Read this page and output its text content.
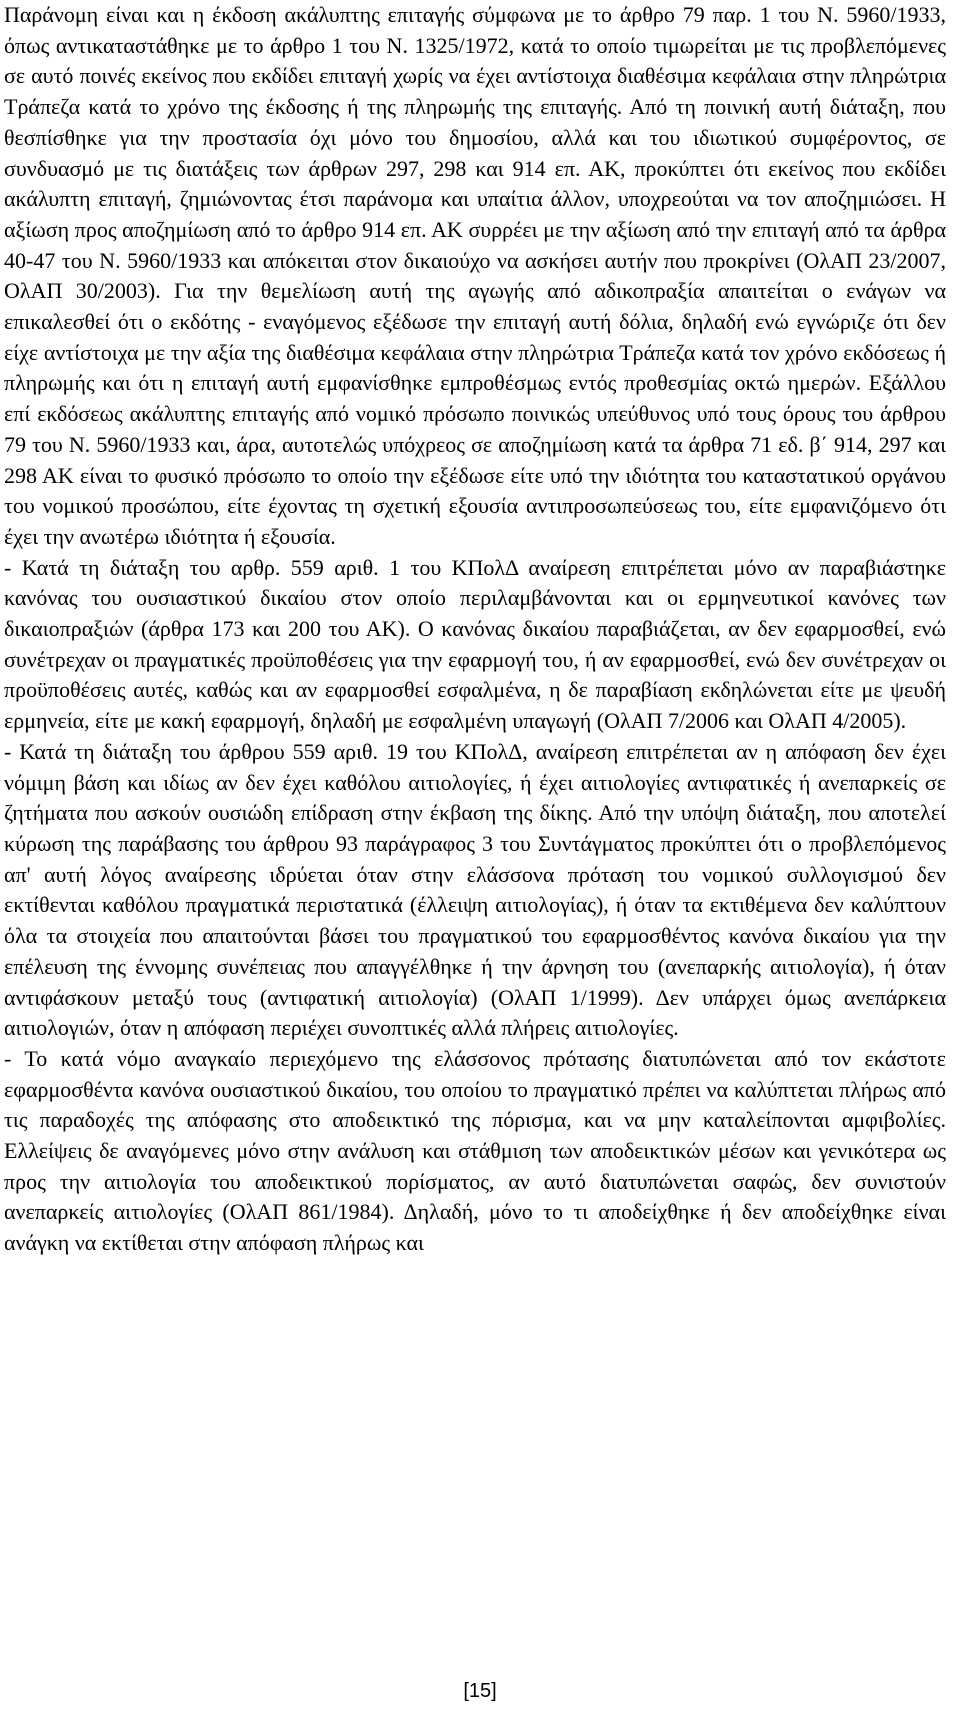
Παράνομη είναι και η έκδοση ακάλυπτης επιταγής σύμφωνα με το άρθρο 79 παρ. 1 του Ν. 5960/1933, όπως αντικαταστάθηκε με το άρθρο 1 του Ν. 1325/1972, κατά το οποίο τιμωρείται με τις προβλεπόμενες σε αυτό ποινές εκείνος που εκδίδει επιταγή χωρίς να έχει αντίστοιχα διαθέσιμα κεφάλαια στην πληρώτρια Τράπεζα κατά το χρόνο της έκδοσης ή της πληρωμής της επιταγής. Από τη ποινική αυτή διάταξη, που θεσπίσθηκε για την προστασία όχι μόνο του δημοσίου, αλλά και του ιδιωτικού συμφέροντος, σε συνδυασμό με τις διατάξεις των άρθρων 297, 298 και 914 επ. ΑΚ, προκύπτει ότι εκείνος που εκδίδει ακάλυπτη επιταγή, ζημιώνοντας έτσι παράνομα και υπαίτια άλλον, υποχρεούται να τον αποζημιώσει. Η αξίωση προς αποζημίωση από το άρθρο 914 επ. ΑΚ συρρέει με την αξίωση από την επιταγή από τα άρθρα 40-47 του Ν. 5960/1933 και απόκειται στον δικαιούχο να ασκήσει αυτήν που προκρίνει (ΟλΑΠ 23/2007, ΟλΑΠ 30/2003). Για την θεμελίωση αυτή της αγωγής από αδικοπραξία απαιτείται ο ενάγων να επικαλεσθεί ότι ο εκδότης - εναγόμενος εξέδωσε την επιταγή αυτή δόλια, δηλαδή ενώ εγνώριζε ότι δεν είχε αντίστοιχα με την αξία της διαθέσιμα κεφάλαια στην πληρώτρια Τράπεζα κατά τον χρόνο εκδόσεως ή πληρωμής και ότι η επιταγή αυτή εμφανίσθηκε εμπροθέσμως εντός προθεσμίας οκτώ ημερών. Εξάλλου επί εκδόσεως ακάλυπτης επιταγής από νομικό πρόσωπο ποινικώς υπεύθυνος υπό τους όρους του άρθρου 79 του Ν. 5960/1933 και, άρα, αυτοτελώς υπόχρεος σε αποζημίωση κατά τα άρθρα 71 εδ. β΄ 914, 297 και 298 ΑΚ είναι το φυσικό πρόσωπο το οποίο την εξέδωσε είτε υπό την ιδιότητα του καταστατικού οργάνου του νομικού προσώπου, είτε έχοντας τη σχετική εξουσία αντιπροσωπεύσεως του, είτε εμφανιζόμενο ότι έχει την ανωτέρω ιδιότητα ή εξουσία.

- Κατά τη διάταξη του αρθρ. 559 αριθ. 1 του ΚΠολΔ αναίρεση επιτρέπεται μόνο αν παραβιάστηκε κανόνας του ουσιαστικού δικαίου στον οποίο περιλαμβάνονται και οι ερμηνευτικοί κανόνες των δικαιοπραξιών (άρθρα 173 και 200 του ΑΚ). Ο κανόνας δικαίου παραβιάζεται, αν δεν εφαρμοσθεί, ενώ συνέτρεχαν οι πραγματικές προϋποθέσεις για την εφαρμογή του, ή αν εφαρμοσθεί, ενώ δεν συνέτρεχαν οι προϋποθέσεις αυτές, καθώς και αν εφαρμοσθεί εσφαλμένα, η δε παραβίαση εκδηλώνεται είτε με ψευδή ερμηνεία, είτε με κακή εφαρμογή, δηλαδή με εσφαλμένη υπαγωγή (ΟλΑΠ 7/2006 και ΟλΑΠ 4/2005).

- Κατά τη διάταξη του άρθρου 559 αριθ. 19 του ΚΠολΔ, αναίρεση επιτρέπεται αν η απόφαση δεν έχει νόμιμη βάση και ιδίως αν δεν έχει καθόλου αιτιολογίες, ή έχει αιτιολογίες αντιφατικές ή ανεπαρκείς σε ζητήματα που ασκούν ουσιώδη επίδραση στην έκβαση της δίκης. Από την υπόψη διάταξη, που αποτελεί κύρωση της παράβασης του άρθρου 93 παράγραφος 3 του Συντάγματος προκύπτει ότι ο προβλεπόμενος απ' αυτή λόγος αναίρεσης ιδρύεται όταν στην ελάσσονα πρόταση του νομικού συλλογισμού δεν εκτίθενται καθόλου πραγματικά περιστατικά (έλλειψη αιτιολογίας), ή όταν τα εκτιθέμενα δεν καλύπτουν όλα τα στοιχεία που απαιτούνται βάσει του πραγματικού του εφαρμοσθέντος κανόνα δικαίου για την επέλευση της έννομης συνέπειας που απαγγέλθηκε ή την άρνηση του (ανεπαρκής αιτιολογία), ή όταν αντιφάσκουν μεταξύ τους (αντιφατική αιτιολογία) (ΟλΑΠ 1/1999). Δεν υπάρχει όμως ανεπάρκεια αιτιολογιών, όταν η απόφαση περιέχει συνοπτικές αλλά πλήρεις αιτιολογίες.

- Το κατά νόμο αναγκαίο περιεχόμενο της ελάσσονος πρότασης διατυπώνεται από τον εκάστοτε εφαρμοσθέντα κανόνα ουσιαστικού δικαίου, του οποίου το πραγματικό πρέπει να καλύπτεται πλήρως από τις παραδοχές της απόφασης στο αποδεικτικό της πόρισμα, και να μην καταλείπονται αμφιβολίες. Ελλείψεις δε αναγόμενες μόνο στην ανάλυση και στάθμιση των αποδεικτικών μέσων και γενικότερα ως προς την αιτιολογία του αποδεικτικού πορίσματος, αν αυτό διατυπώνεται σαφώς, δεν συνιστούν ανεπαρκείς αιτιολογίες (ΟλΑΠ 861/1984). Δηλαδή, μόνο το τι αποδείχθηκε ή δεν αποδείχθηκε είναι ανάγκη να εκτίθεται στην απόφαση πλήρως και

[15]
